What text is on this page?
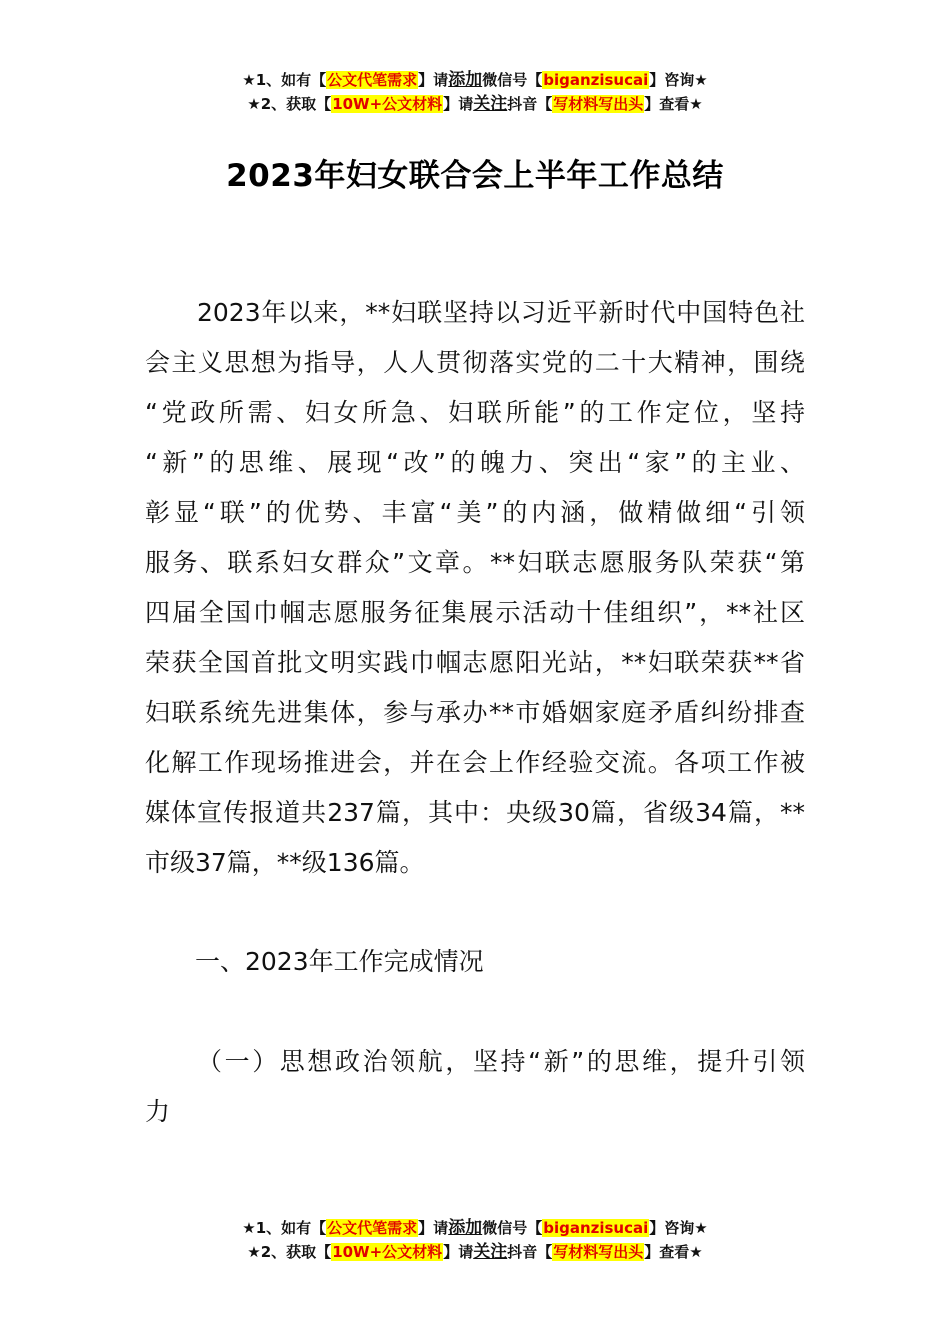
★1、如有【公文代笔需求】请添加微信号【biganzisucai】咨询★
★2、获取【10W+公文材料】请关注抖音【写材料写出头】查看★
2023年妇女联合会上半年工作总结
2023年以来，**妇联坚持以习近平新时代中国特色社
会主义思想为指导，人人贯彻落实党的二十大精神，围绕
“党政所需、妇女所急、妇联所能”的工作定位，坚持
“新”的思维、展现“改”的魄力、突出“家”的主业、
彰显“联”的优势、丰富“美”的内涵，做精做细“引领
服务、联系妇女群众”文章。**妇联志愿服务队荣获“第
四届全国巾帼志愿服务征集展示活动十佳组织”，**社区
荣获全国首批文明实践巾帼志愿阳光站，**妇联荣获**省
妇联系统先进集体，参与承办**市婚姻家庭矛盾纠纷排查
化解工作现场推进会，并在会上作经验交流。各项工作被
媒体宣传报道共237篇，其中：央级30篇，省级34篇，**
市级37篇，**级136篇。
一、2023年工作完成情况
（一）思想政治领航，坚持“新”的思维，提升引领
力
★1、如有【公文代笔需求】请添加微信号【biganzisucai】咨询★
★2、获取【10W+公文材料】请关注抖音【写材料写出头】查看★
